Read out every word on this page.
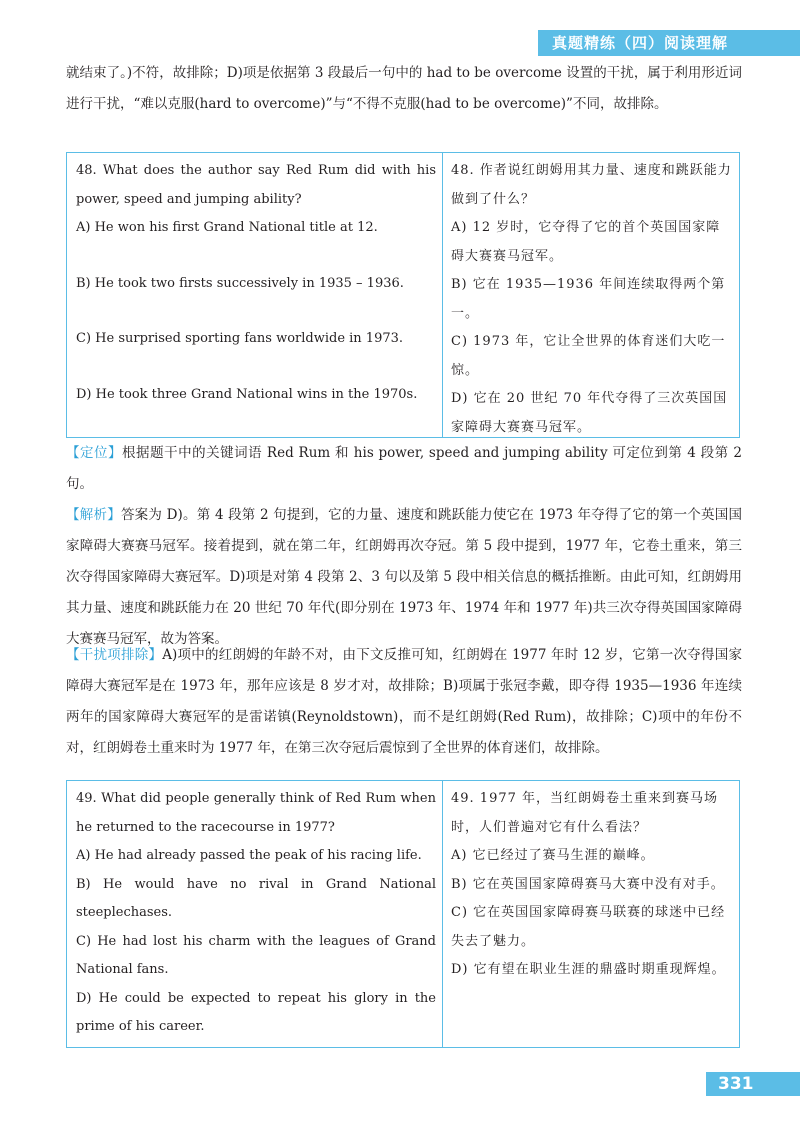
真题精练（四）阅读理解

就结束了。)不符，故排除；D)项是依据第 3 段最后一句中的 had to be overcome 设置的干扰，属于利用形近词进行干扰，“难以克服(hard to overcome)”与“不得不克服(had to be overcome)”不同，故排除。

48. What does the author say Red Rum did with his power, speed and jumping ability?

A) He won his first Grand National title at 12.

B) He took two firsts successively in 1935 – 1936.

C) He surprised sporting fans worldwide in 1973.

D) He took three Grand National wins in the 1970s.

48. 作者说红朗姆用其力量、速度和跳跃能力做到了什么？

A) 12 岁时，它夺得了它的首个英国国家障碍大赛赛马冠军。

B) 它在 1935—1936 年间连续取得两个第一。

C) 1973 年，它让全世界的体育迷们大吃一惊。

D) 它在 20 世纪 70 年代夺得了三次英国国家障碍大赛赛马冠军。

【定位】根据题干中的关键词语 Red Rum 和 his power, speed and jumping ability 可定位到第 4 段第 2 句。

【解析】答案为 D)。第 4 段第 2 句提到，它的力量、速度和跳跃能力使它在 1973 年夺得了它的第一个英国国家障碍大赛赛马冠军。接着提到，就在第二年，红朗姆再次夺冠。第 5 段中提到，1977 年，它卷土重来，第三次夺得国家障碍大赛冠军。D)项是对第 4 段第 2、3 句以及第 5 段中相关信息的概括推断。由此可知，红朗姆用其力量、速度和跳跃能力在 20 世纪 70 年代(即分别在 1973 年、1974 年和 1977 年)共三次夺得英国国家障碍大赛赛马冠军，故为答案。

【干扰项排除】A)项中的红朗姆的年龄不对，由下文反推可知，红朗姆在 1977 年时 12 岁，它第一次夺得国家障碍大赛冠军是在 1973 年，那年应该是 8 岁才对，故排除；B)项属于张冠李戴，即夺得 1935—1936 年连续两年的国家障碍大赛冠军的是雷诺镇(Reynoldstown)，而不是红朗姆(Red Rum)，故排除；C)项中的年份不对，红朗姆卷土重来时为 1977 年，在第三次夺冠后震惊到了全世界的体育迷们，故排除。

49. What did people generally think of Red Rum when he returned to the racecourse in 1977?

A) He had already passed the peak of his racing life.

B) He would have no rival in Grand National steeplechases.

C) He had lost his charm with the leagues of Grand National fans.

D) He could be expected to repeat his glory in the prime of his career.

49. 1977 年，当红朗姆卷土重来到赛马场时，人们普遍对它有什么看法？

A) 它已经过了赛马生涯的巅峰。

B) 它在英国国家障碍赛马大赛中没有对手。

C) 它在英国国家障碍赛马联赛的球迷中已经失去了魅力。

D) 它有望在职业生涯的鼎盛时期重现辉煌。

331
